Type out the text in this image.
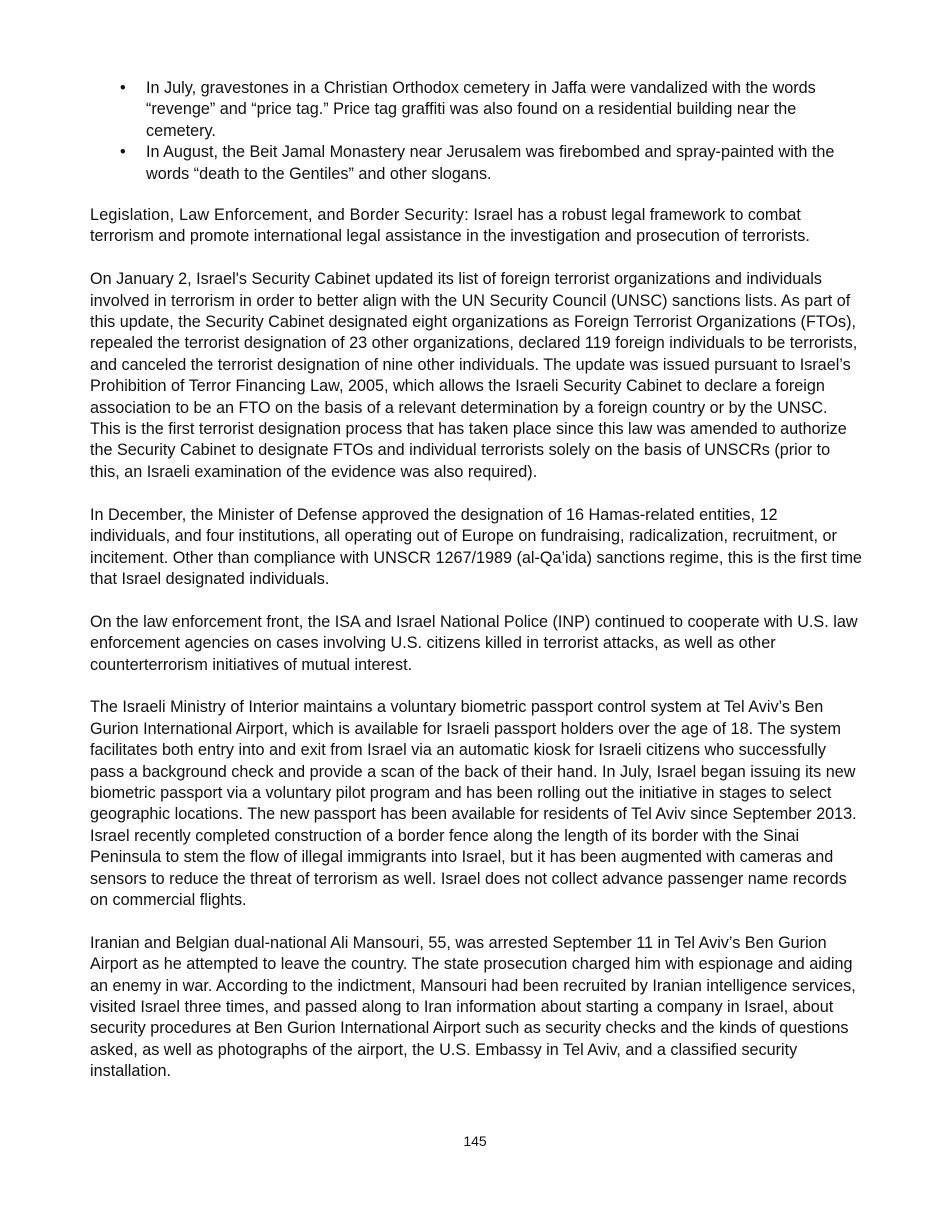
• In July, gravestones in a Christian Orthodox cemetery in Jaffa were vandalized with the words “revenge” and “price tag.” Price tag graffiti was also found on a residential building near the cemetery.
• In August, the Beit Jamal Monastery near Jerusalem was firebombed and spray-painted with the words “death to the Gentiles” and other slogans.

Legislation, Law Enforcement, and Border Security: Israel has a robust legal framework to combat terrorism and promote international legal assistance in the investigation and prosecution of terrorists.

On January 2, Israel's Security Cabinet updated its list of foreign terrorist organizations and individuals involved in terrorism in order to better align with the UN Security Council (UNSC) sanctions lists. As part of this update, the Security Cabinet designated eight organizations as Foreign Terrorist Organizations (FTOs), repealed the terrorist designation of 23 other organizations, declared 119 foreign individuals to be terrorists, and canceled the terrorist designation of nine other individuals. The update was issued pursuant to Israel’s Prohibition of Terror Financing Law, 2005, which allows the Israeli Security Cabinet to declare a foreign association to be an FTO on the basis of a relevant determination by a foreign country or by the UNSC. This is the first terrorist designation process that has taken place since this law was amended to authorize the Security Cabinet to designate FTOs and individual terrorists solely on the basis of UNSCRs (prior to this, an Israeli examination of the evidence was also required).

In December, the Minister of Defense approved the designation of 16 Hamas-related entities, 12 individuals, and four institutions, all operating out of Europe on fundraising, radicalization, recruitment, or incitement. Other than compliance with UNSCR 1267/1989 (al-Qa’ida) sanctions regime, this is the first time that Israel designated individuals.

On the law enforcement front, the ISA and Israel National Police (INP) continued to cooperate with U.S. law enforcement agencies on cases involving U.S. citizens killed in terrorist attacks, as well as other counterterrorism initiatives of mutual interest.

The Israeli Ministry of Interior maintains a voluntary biometric passport control system at Tel Aviv’s Ben Gurion International Airport, which is available for Israeli passport holders over the age of 18. The system facilitates both entry into and exit from Israel via an automatic kiosk for Israeli citizens who successfully pass a background check and provide a scan of the back of their hand. In July, Israel began issuing its new biometric passport via a voluntary pilot program and has been rolling out the initiative in stages to select geographic locations. The new passport has been available for residents of Tel Aviv since September 2013. Israel recently completed construction of a border fence along the length of its border with the Sinai Peninsula to stem the flow of illegal immigrants into Israel, but it has been augmented with cameras and sensors to reduce the threat of terrorism as well. Israel does not collect advance passenger name records on commercial flights.

Iranian and Belgian dual-national Ali Mansouri, 55, was arrested September 11 in Tel Aviv’s Ben Gurion Airport as he attempted to leave the country. The state prosecution charged him with espionage and aiding an enemy in war. According to the indictment, Mansouri had been recruited by Iranian intelligence services, visited Israel three times, and passed along to Iran information about starting a company in Israel, about security procedures at Ben Gurion International Airport such as security checks and the kinds of questions asked, as well as photographs of the airport, the U.S. Embassy in Tel Aviv, and a classified security installation.

145
